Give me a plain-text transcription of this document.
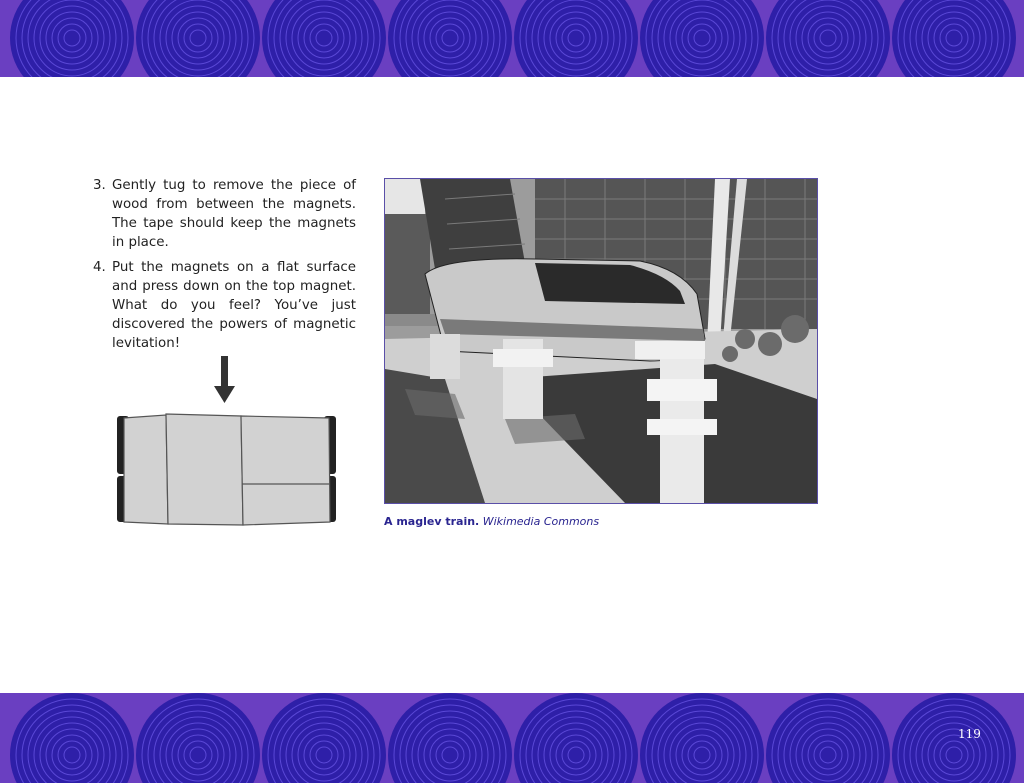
3. Gently tug to remove the piece of wood from between the magnets. The tape should keep the magnets in place.
4. Put the magnets on a flat surface and press down on the top magnet. What do you feel? You’ve just discovered the powers of magnetic levitation!
A maglev train. Wikimedia Commons
119
